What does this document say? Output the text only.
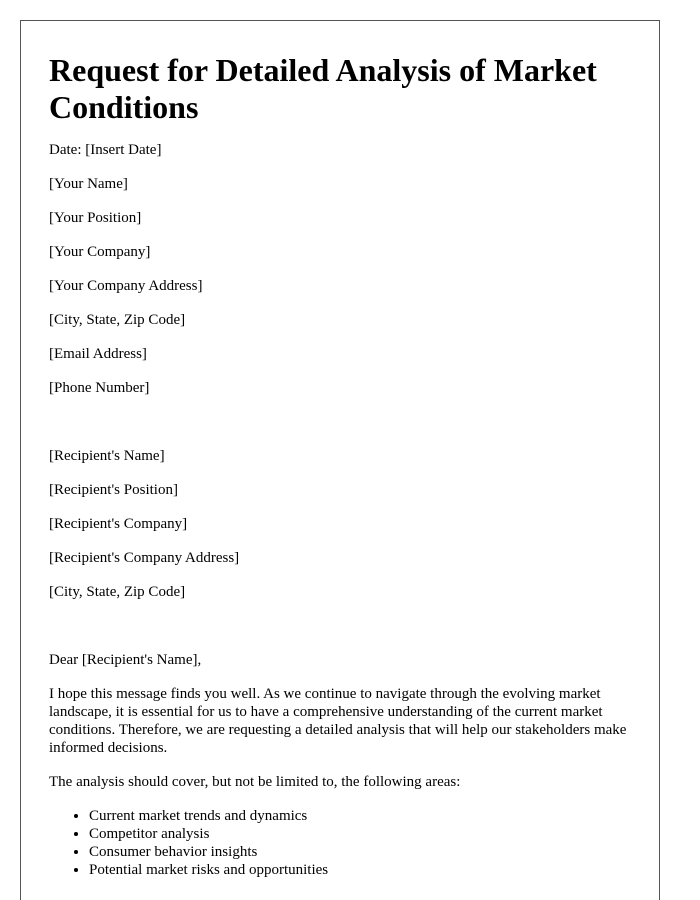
Request for Detailed Analysis of Market Conditions

Date: [Insert Date]

[Your Name]

[Your Position]

[Your Company]

[Your Company Address]

[City, State, Zip Code]

[Email Address]

[Phone Number]

[Recipient's Name]

[Recipient's Position]

[Recipient's Company]

[Recipient's Company Address]

[City, State, Zip Code]

Dear [Recipient's Name],

I hope this message finds you well. As we continue to navigate through the evolving market landscape, it is essential for us to have a comprehensive understanding of the current market conditions. Therefore, we are requesting a detailed analysis that will help our stakeholders make informed decisions.

The analysis should cover, but not be limited to, the following areas:

• Current market trends and dynamics
• Competitor analysis
• Consumer behavior insights
• Potential market risks and opportunities
